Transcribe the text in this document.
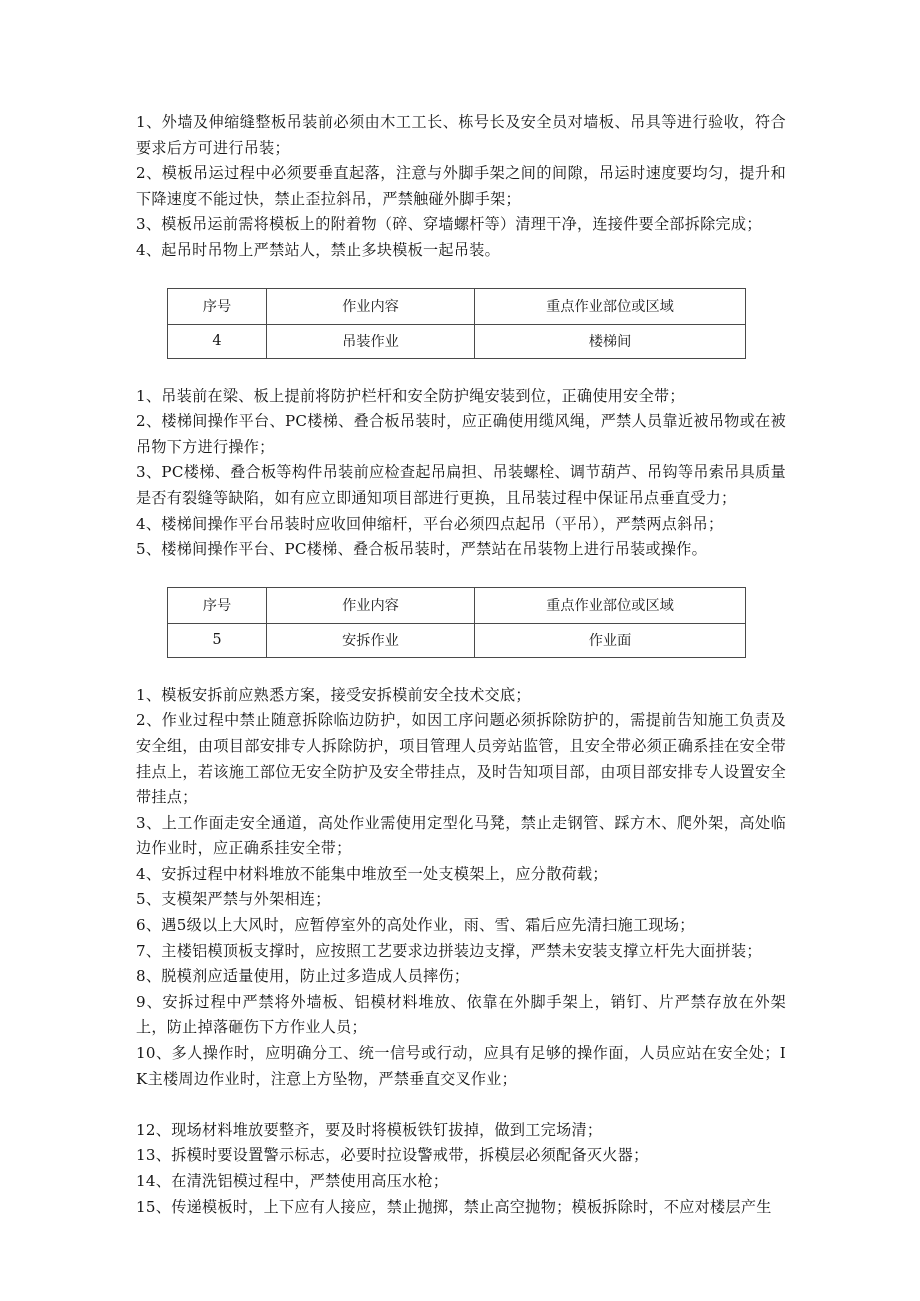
1、外墙及伸缩缝整板吊装前必须由木工工长、栋号长及安全员对墙板、吊具等进行验收，符合要求后方可进行吊装；

2、模板吊运过程中必须要垂直起落，注意与外脚手架之间的间隙，吊运时速度要均匀，提升和下降速度不能过快，禁止歪拉斜吊，严禁触碰外脚手架；

3、模板吊运前需将模板上的附着物（碎、穿墙螺杆等）清理干净，连接件要全部拆除完成；

4、起吊时吊物上严禁站人，禁止多块模板一起吊装。

序号	作业内容	重点作业部位或区域
4	吊装作业	楼梯间

1、吊装前在梁、板上提前将防护栏杆和安全防护绳安装到位，正确使用安全带；

2、楼梯间操作平台、PC楼梯、叠合板吊装时，应正确使用缆风绳，严禁人员靠近被吊物或在被吊物下方进行操作；

3、PC楼梯、叠合板等构件吊装前应检查起吊扁担、吊装螺栓、调节葫芦、吊钩等吊索吊具质量是否有裂缝等缺陷，如有应立即通知项目部进行更换，且吊装过程中保证吊点垂直受力；

4、楼梯间操作平台吊装时应收回伸缩杆，平台必须四点起吊（平吊），严禁两点斜吊；

5、楼梯间操作平台、PC楼梯、叠合板吊装时，严禁站在吊装物上进行吊装或操作。

序号	作业内容	重点作业部位或区域
5	安拆作业	作业面

1、模板安拆前应熟悉方案，接受安拆模前安全技术交底；

2、作业过程中禁止随意拆除临边防护，如因工序问题必须拆除防护的，需提前告知施工负责及安全组，由项目部安排专人拆除防护，项目管理人员旁站监管，且安全带必须正确系挂在安全带挂点上，若该施工部位无安全防护及安全带挂点，及时告知项目部，由项目部安排专人设置安全带挂点；

3、上工作面走安全通道，高处作业需使用定型化马凳，禁止走钢管、踩方木、爬外架，高处临边作业时，应正确系挂安全带；

4、安拆过程中材料堆放不能集中堆放至一处支模架上，应分散荷载；

5、支模架严禁与外架相连；

6、遇5级以上大风时，应暂停室外的高处作业，雨、雪、霜后应先清扫施工现场；

7、主楼铝模顶板支撑时，应按照工艺要求边拼装边支撑，严禁未安装支撑立杆先大面拼装；

8、脱模剂应适量使用，防止过多造成人员摔伤；

9、安拆过程中严禁将外墙板、铝模材料堆放、依靠在外脚手架上，销钉、片严禁存放在外架上，防止掉落砸伤下方作业人员；

10、多人操作时，应明确分工、统一信号或行动，应具有足够的操作面，人员应站在安全处；IK主楼周边作业时，注意上方坠物，严禁垂直交叉作业；

12、现场材料堆放要整齐，要及时将模板铁钉拔掉，做到工完场清；

13、拆模时要设置警示标志，必要时拉设警戒带，拆模层必须配备灭火器；

14、在清洗铝模过程中，严禁使用高压水枪；

15、传递模板时，上下应有人接应，禁止抛掷，禁止高空抛物；模板拆除时，不应对楼层产生
